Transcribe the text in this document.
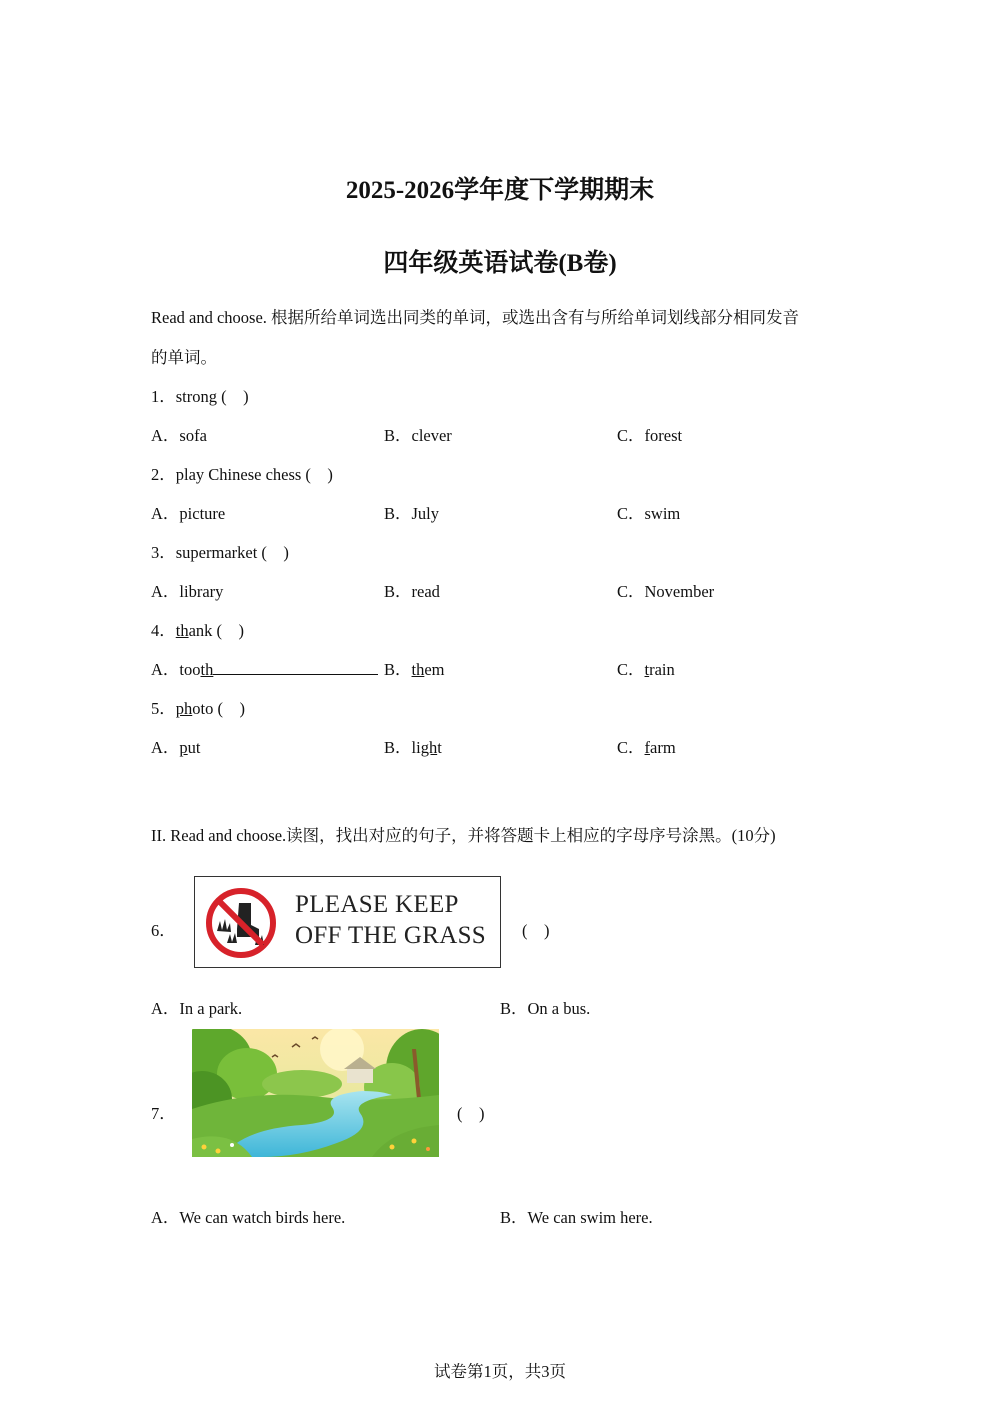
2025-2026学年度下学期期末
四年级英语试卷(B卷)
Read and choose. 根据所给单词选出同类的单词，或选出含有与所给单词划线部分相同发音
的单词。
1．strong (　)
A．sofa	B．clever	C．forest
2．play Chinese chess (　)
A．picture	B．July	C．swim
3．supermarket (　)
A．library	B．read	C．November
4．thank (　)
A．tooth	B．them	C．train
5．photo (　)
A．put	B．light	C．farm
II. Read and choose.读图，找出对应的句子，并将答题卡上相应的字母序号涂黑。(10分)
6．
PLEASE KEEP
OFF THE GRASS (　)
A．In a park.	B．On a bus.
7．	(　)
A．We can watch birds here.	B．We can swim here.
试卷第1页，共3页
